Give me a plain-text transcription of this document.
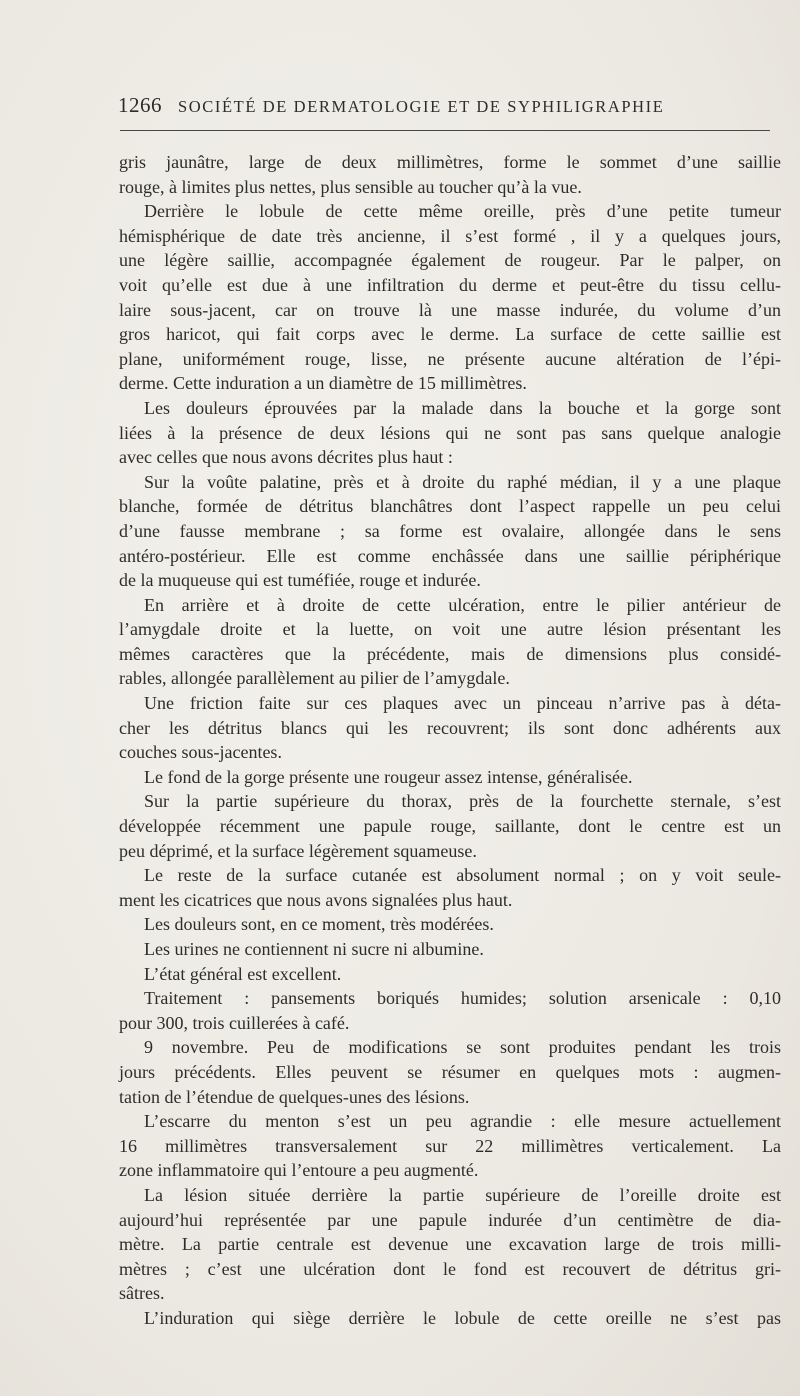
1266 SOCIÉTÉ DE DERMATOLOGIE ET DE SYPHILIGRAPHIE
gris jaunâtre, large de deux millimètres, forme le sommet d’une saillie
rouge, à limites plus nettes, plus sensible au toucher qu’à la vue.
Derrière le lobule de cette même oreille, près d’une petite tumeur
hémisphérique de date très ancienne, il s’est formé , il y a quelques jours,
une légère saillie, accompagnée également de rougeur. Par le palper, on
voit qu’elle est due à une infiltration du derme et peut-être du tissu cellu-
laire sous-jacent, car on trouve là une masse indurée, du volume d’un
gros haricot, qui fait corps avec le derme. La surface de cette saillie est
plane, uniformément rouge, lisse, ne présente aucune altération de l’épi-
derme. Cette induration a un diamètre de 15 millimètres.
Les douleurs éprouvées par la malade dans la bouche et la gorge sont
liées à la présence de deux lésions qui ne sont pas sans quelque analogie
avec celles que nous avons décrites plus haut :
Sur la voûte palatine, près et à droite du raphé médian, il y a une plaque
blanche, formée de détritus blanchâtres dont l’aspect rappelle un peu celui
d’une fausse membrane ; sa forme est ovalaire, allongée dans le sens
antéro-postérieur. Elle est comme enchâssée dans une saillie périphérique
de la muqueuse qui est tuméfiée, rouge et indurée.
En arrière et à droite de cette ulcération, entre le pilier antérieur de
l’amygdale droite et la luette, on voit une autre lésion présentant les
mêmes caractères que la précédente, mais de dimensions plus considé-
rables, allongée parallèlement au pilier de l’amygdale.
Une friction faite sur ces plaques avec un pinceau n’arrive pas à déta-
cher les détritus blancs qui les recouvrent; ils sont donc adhérents aux
couches sous-jacentes.
Le fond de la gorge présente une rougeur assez intense, généralisée.
Sur la partie supérieure du thorax, près de la fourchette sternale, s’est
développée récemment une papule rouge, saillante, dont le centre est un
peu déprimé, et la surface légèrement squameuse.
Le reste de la surface cutanée est absolument normal ; on y voit seule-
ment les cicatrices que nous avons signalées plus haut.
Les douleurs sont, en ce moment, très modérées.
Les urines ne contiennent ni sucre ni albumine.
L’état général est excellent.
Traitement : pansements boriqués humides; solution arsenicale : 0,10
pour 300, trois cuillerées à café.
9 novembre. Peu de modifications se sont produites pendant les trois
jours précédents. Elles peuvent se résumer en quelques mots : augmen-
tation de l’étendue de quelques-unes des lésions.
L’escarre du menton s’est un peu agrandie : elle mesure actuellement
16 millimètres transversalement sur 22 millimètres verticalement. La
zone inflammatoire qui l’entoure a peu augmenté.
La lésion située derrière la partie supérieure de l’oreille droite est
aujourd’hui représentée par une papule indurée d’un centimètre de dia-
mètre. La partie centrale est devenue une excavation large de trois milli-
mètres ; c’est une ulcération dont le fond est recouvert de détritus gri-
sâtres.
L’induration qui siège derrière le lobule de cette oreille ne s’est pas
